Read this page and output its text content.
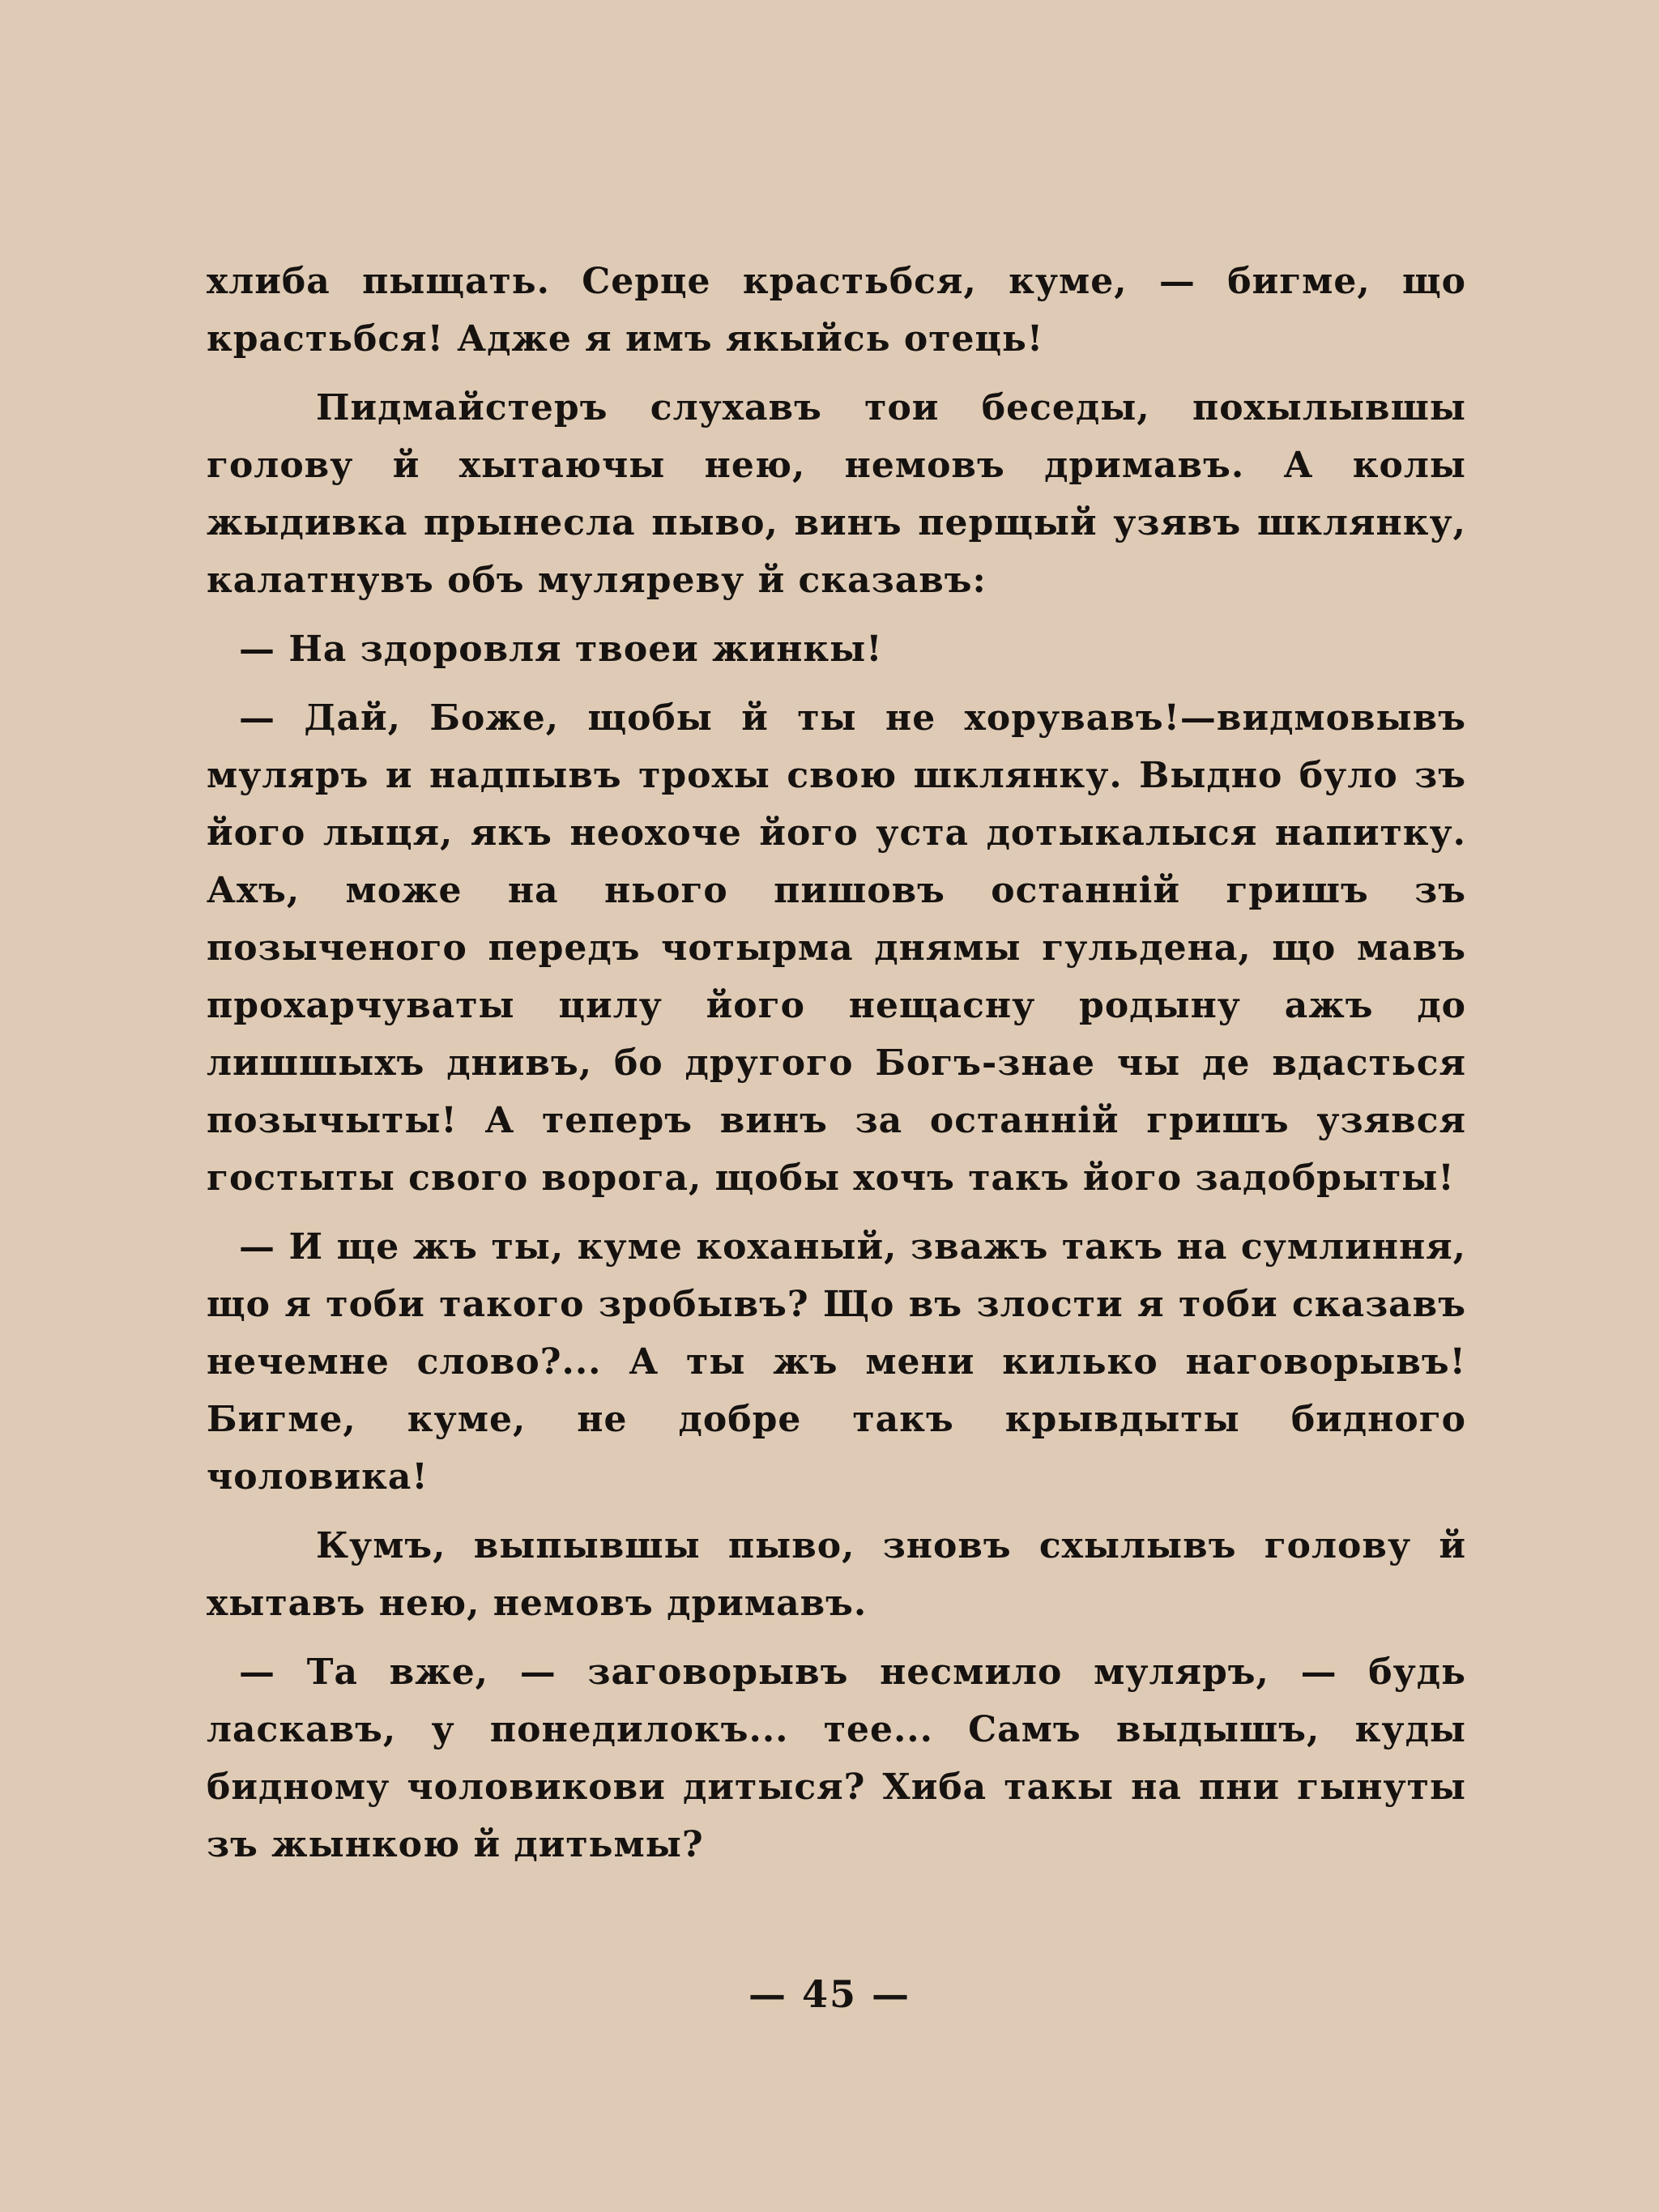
хлиба пыщать. Серце крастьбся, куме, — бигме, що крастьбся! Адже я имъ якыйсь отець!

Пидмайстеръ слухавъ тои беседы, похылывшы голову й хытаючы нею, немовъ дримавъ. А колы жыдивка прынесла пыво, винъ перщый узявъ шклянку, калатнувъ объ муляреву й сказавъ:

— На здоровля твоеи жинкы!

— Дай, Боже, щобы й ты не хорувавъ!—видмовывъ муляръ и надпывъ трохы свою шклянку. Выдно було зъ його лыця, якъ неохоче його уста дотыкалыся напитку. Ахъ, може на нього пишовъ останній гришъ зъ позыченого передъ чотырма днямы гульдена, що мавъ прохарчуваты цилу його нещасну родыну ажъ до лишшыхъ днивъ, бо другого Богъ-знае чы де вдасться позычыты! А теперъ винъ за останній гришъ узявся гостыты свого ворога, щобы хочъ такъ його задобрыты!

— И ще жъ ты, куме коханый, зважъ такъ на сумлиння, що я тоби такого зробывъ? Що въ злости я тоби сказавъ нечемне слово?... А ты жъ мени килько наговорывъ! Бигме, куме, не добре такъ крывдыты бидного чоловика!

Кумъ, выпывшы пыво, зновъ схылывъ голову й хытавъ нею, немовъ дримавъ.

— Та вже, — заговорывъ несмило муляръ, — будь ласкавъ, у понедилокъ... тее... Самъ выдышъ, куды бидному чоловикови дитыся? Хиба такы на пни гынуты зъ жынкою й дитьмы?

— 45 —
